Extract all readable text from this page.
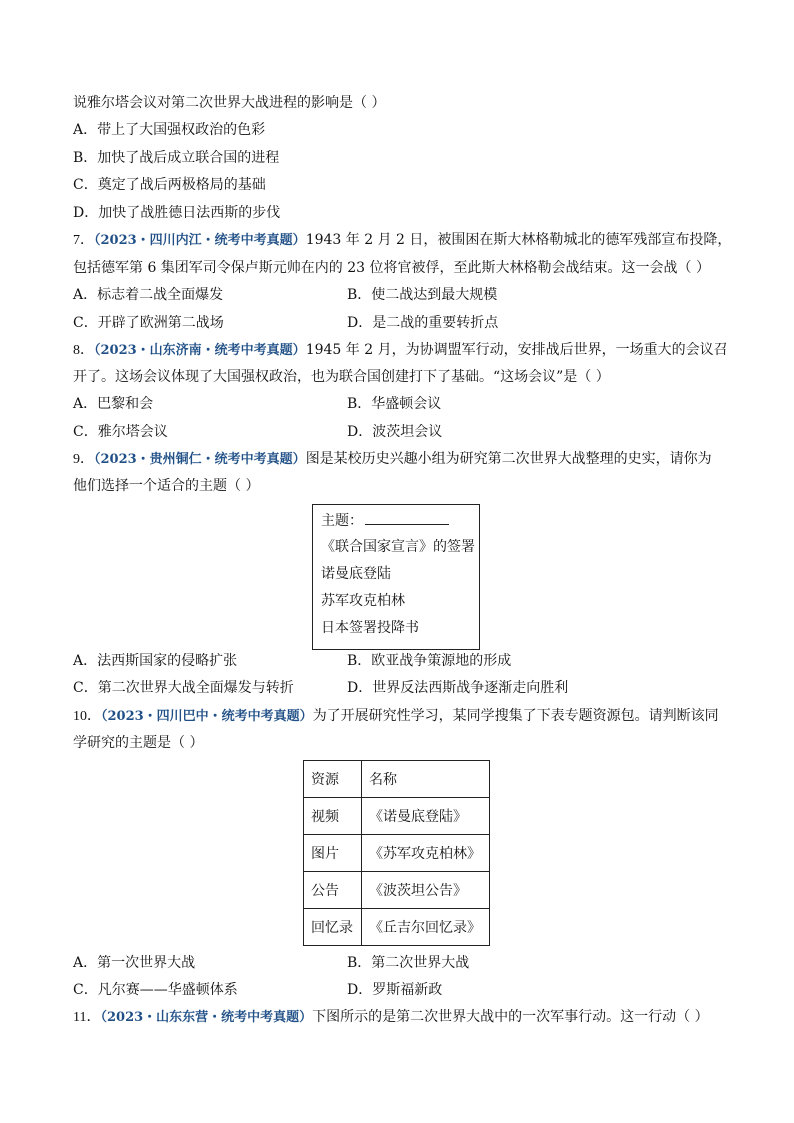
说雅尔塔会议对第二次世界大战进程的影响是（ ）
A．带上了大国强权政治的色彩
B．加快了战后成立联合国的进程
C．奠定了战后两极格局的基础
D．加快了战胜德日法西斯的步伐
7．（2023・四川内江・统考中考真题）1943 年 2 月 2 日，被围困在斯大林格勒城北的德军残部宣布投降，
包括德军第 6 集团军司令保卢斯元帅在内的 23 位将官被俘，至此斯大林格勒会战结束。这一会战（ ）
A．标志着二战全面爆发	B．使二战达到最大规模
C．开辟了欧洲第二战场	D．是二战的重要转折点
8．（2023・山东济南・统考中考真题）1945 年 2 月，为协调盟军行动，安排战后世界，一场重大的会议召
开了。这场会议体现了大国强权政治，也为联合国创建打下了基础。“这场会议”是（ ）
A．巴黎和会	B．华盛顿会议
C．雅尔塔会议	D．波茨坦会议
9．（2023・贵州铜仁・统考中考真题）图是某校历史兴趣小组为研究第二次世界大战整理的史实，请你为
他们选择一个适合的主题（ ）
主题：
《联合国家宣言》的签署
诺曼底登陆
苏军攻克柏林
日本签署投降书
A．法西斯国家的侵略扩张	B．欧亚战争策源地的形成
C．第二次世界大战全面爆发与转折	D．世界反法西斯战争逐渐走向胜利
10．（2023・四川巴中・统考中考真题）为了开展研究性学习，某同学搜集了下表专题资源包。请判断该同
学研究的主题是（ ）
资源	名称
视频	《诺曼底登陆》
图片	《苏军攻克柏林》
公告	《波茨坦公告》
回忆录	《丘吉尔回忆录》
A．第一次世界大战	B．第二次世界大战
C．凡尔赛——华盛顿体系	D．罗斯福新政
11．（2023・山东东营・统考中考真题）下图所示的是第二次世界大战中的一次军事行动。这一行动（ ）
